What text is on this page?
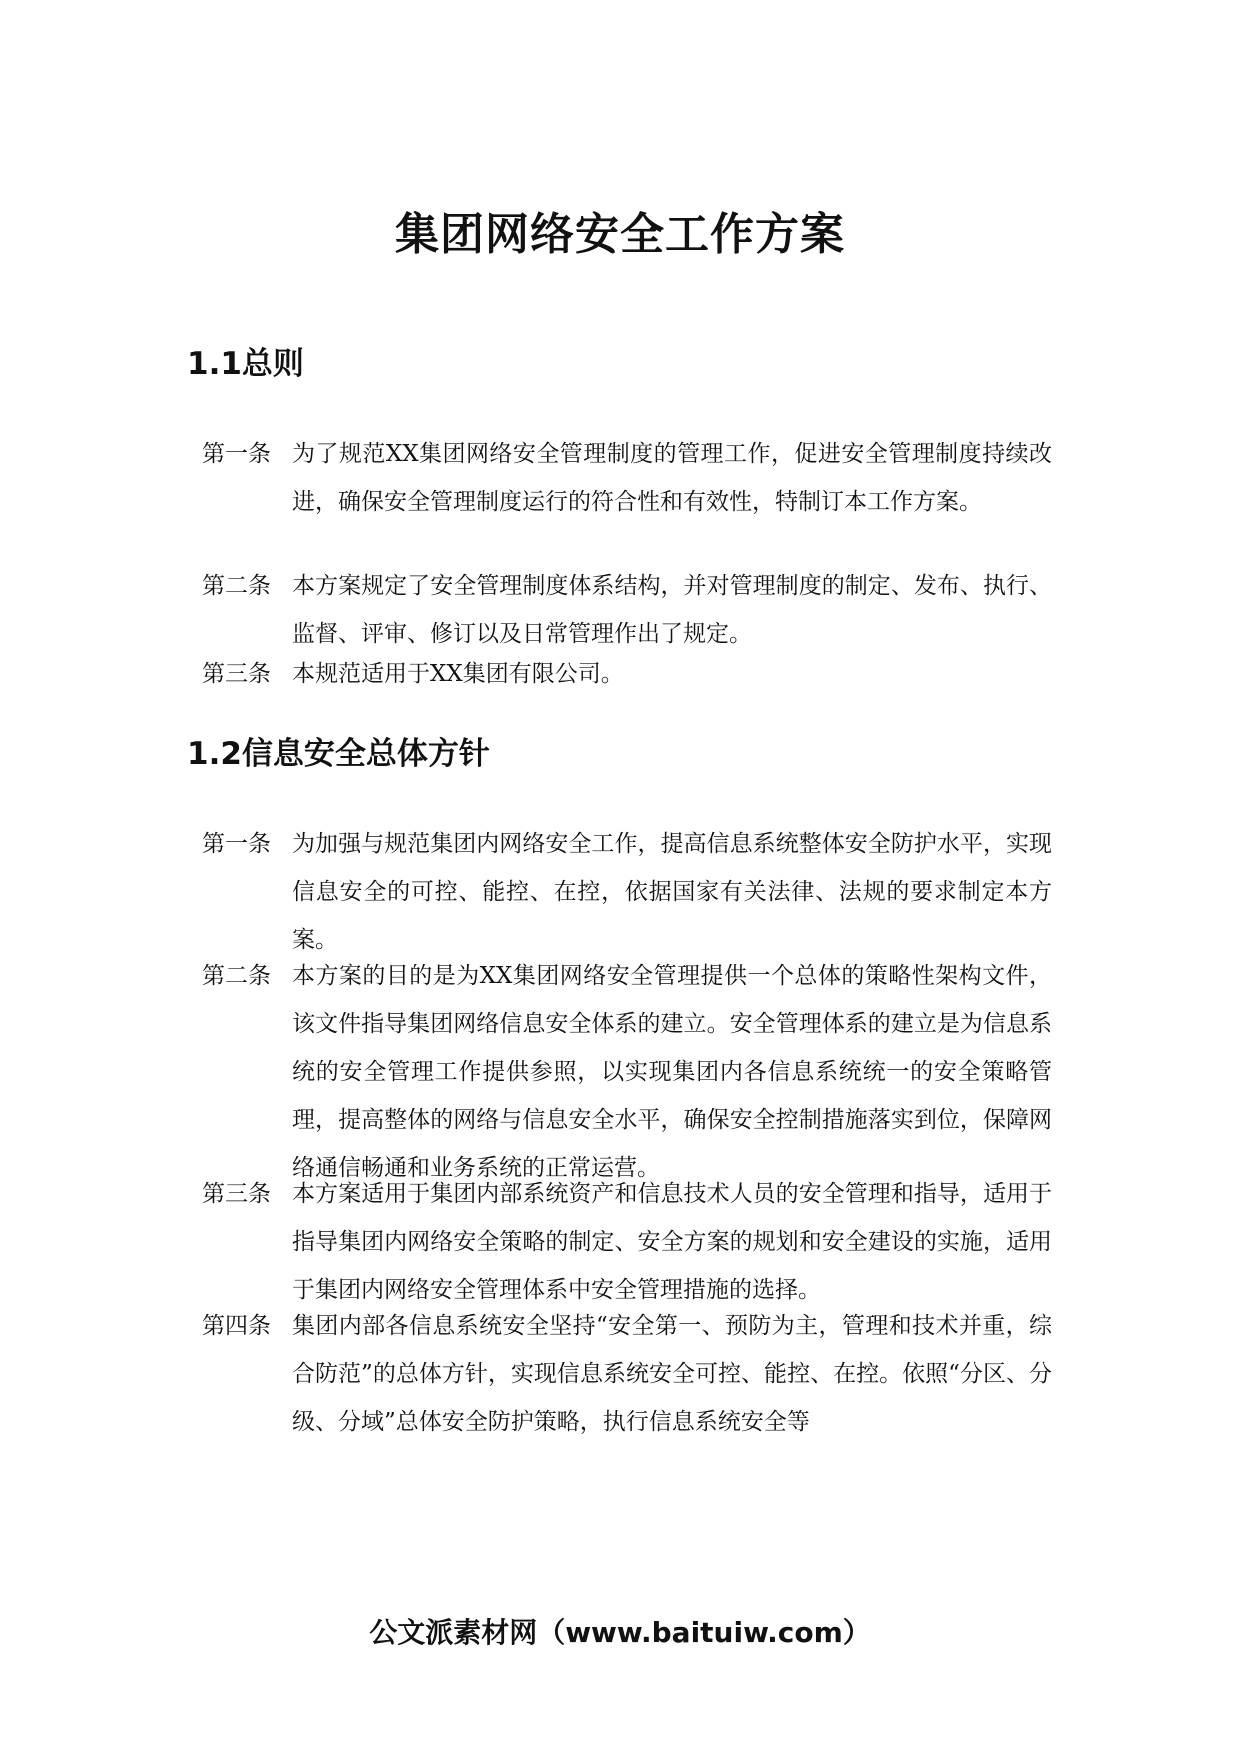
集团网络安全工作方案
1.1总则
第一条 为了规范XX集团网络安全管理制度的管理工作，促进安全管理制度持续改进，确保安全管理制度运行的符合性和有效性，特制订本工作方案。
第二条 本方案规定了安全管理制度体系结构，并对管理制度的制定、发布、执行、监督、评审、修订以及日常管理作出了规定。
第三条 本规范适用于XX集团有限公司。
1.2信息安全总体方针
第一条 为加强与规范集团内网络安全工作，提高信息系统整体安全防护水平，实现信息安全的可控、能控、在控，依据国家有关法律、法规的要求制定本方案。
第二条 本方案的目的是为XX集团网络安全管理提供一个总体的策略性架构文件，该文件指导集团网络信息安全体系的建立。安全管理体系的建立是为信息系统的安全管理工作提供参照，以实现集团内各信息系统统一的安全策略管理，提高整体的网络与信息安全水平，确保安全控制措施落实到位，保障网络通信畅通和业务系统的正常运营。
第三条 本方案适用于集团内部系统资产和信息技术人员的安全管理和指导，适用于指导集团内网络安全策略的制定、安全方案的规划和安全建设的实施，适用于集团内网络安全管理体系中安全管理措施的选择。
第四条 集团内部各信息系统安全坚持“安全第一、预防为主，管理和技术并重，综合防范”的总体方针，实现信息系统安全可控、能控、在控。依照“分区、分级、分域”总体安全防护策略，执行信息系统安全等
公文派素材网（www.baituiw.com）
